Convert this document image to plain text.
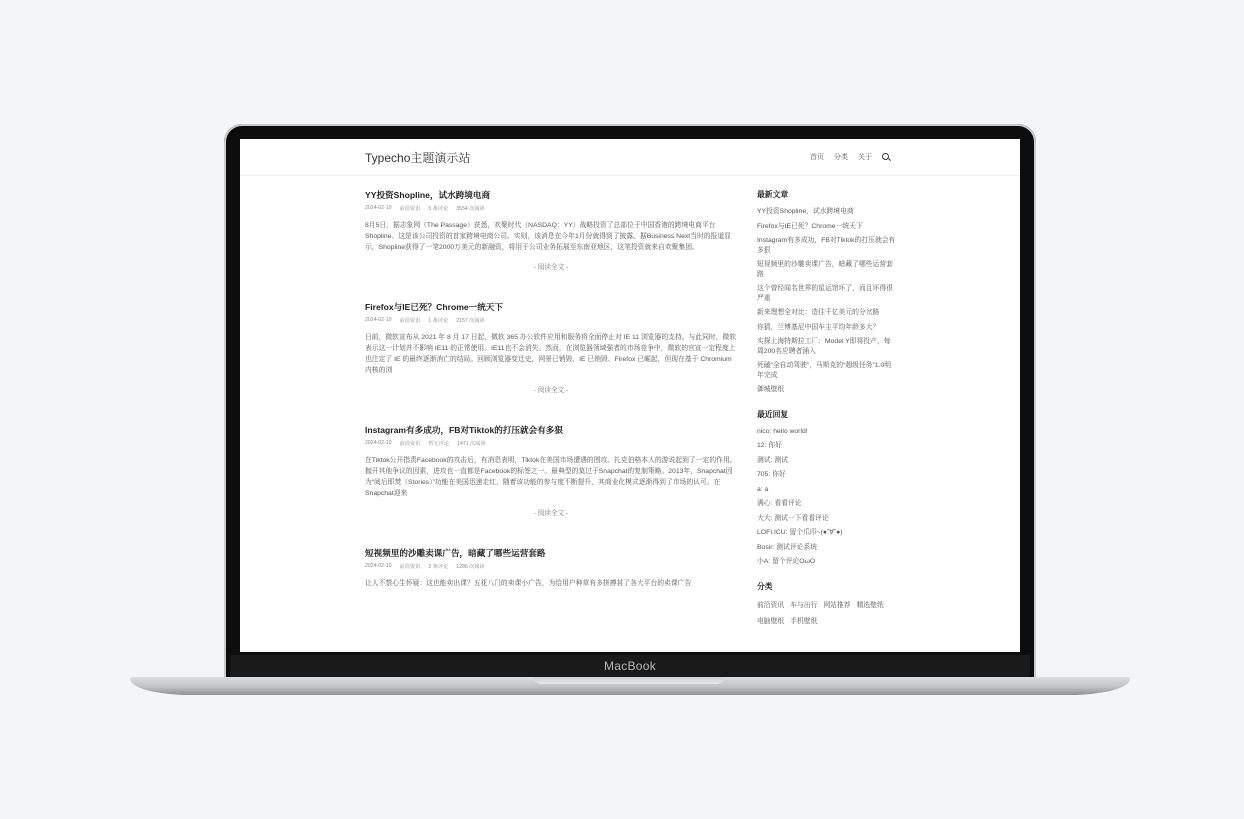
MacBook
Typecho主题演示站	首页 分类 关于
YY投资Shopline，试水跨境电商
2024-02-10 前沿资讯 5 条评论 3554 次阅读

8月5日，据志象网（The Passage）获悉，欢聚时代（NASDAQ：YY）战略投资了总部位于中国香港的跨境电商平台Shopline。这是该公司投资的首家跨境电商公司。实则，该消息在今年1月份就得到了披露。据Business Next当时的报道显示，Shopline获得了一笔2000万美元的新融资，将用于公司业务拓展至东南亚地区，这笔投资就来自欢聚集团。

- 阅读全文 -
Firefox与IE已死？Chrome一统天下
2024-02-10 前沿资讯 1 条评论 2157 次阅读

日前，微软宣布从 2021 年 8 月 17 日起，微软 365 办公软件应用和服务将全面停止对 IE 11 浏览器的支持。与此同时，微软表示这一计划并不影响 IE11 的正常使用。IE11也不会消失。然而，在浏览器领域强者的市场竞争中，微软的官宣一定程度上也注定了 IE 的最终逐渐消亡的结局。回顾浏览器变迁史，网景已销毁、IE 已销毁、Firefox 已崛起，但现在基于 Chromium 内核的浏

- 阅读全文 -
Instagram有多成功，FB对Tiktok的打压就会有多狠
2024-02-10 前沿资讯 暂无评论 1471 次阅读

在Tiktok公开指责Facebook的攻击后，有消息表明，Tiktok在美国市场遭遇的围攻、扎克伯格本人的游说起到了一定的作用。抛开其他争议的因素，进攻也一直都是Facebook的标签之一。最典型的莫过于Snapchat的复制策略。2013年，Snapchat因为“阅后即焚（Stories）”功能在美国迅速走红，随着该功能的参与度不断提升，其商业化模式逐渐得到了市场的认可。在Snapchat迎来

- 阅读全文 -
短视频里的沙雕卖课广告，暗藏了哪些运营套路
2024-02-10 前沿资讯 2 条评论 1286 次阅读

让人不禁心生怀疑：这也能卖出课？五花八门的卖课小广告，为给用户种草有多拼搏甚了各大平台的卖课广告

最新文章
YY投资Shopline，试水跨境电商
Firefox与IE已死？Chrome一统天下
Instagram有多成功，FB对Tiktok的打压就会有多狠
短视频里的沙雕卖课广告，暗藏了哪些运营套路
这个曾经闻名世界的星运馆坏了，而且坏得很严重
新来理想全对比：造往千亿美元的分岔路
你猜，兰博基尼中国车主平均年龄多大？
实探上海特斯拉工厂：Model Y即将投产，每周200名应聘者涌入
死磕“全自动驾驶”，马斯克的“超级任务”1.0明年完成
御城壁纸
最近回复
nico: hello world!
12: 你好
测试: 测试
705: 你好
a: a
满心: 看看评论
大大: 测试一下看看评论
LOFI.ICU: 留个爪印~(●ˇ∀ˇ●)
Bosir: 测试评论系统
小A: 留个评论OωO
分类
前沿资讯 车与出行 网站推荐 精选壁纸
电脑壁纸 手机壁纸
